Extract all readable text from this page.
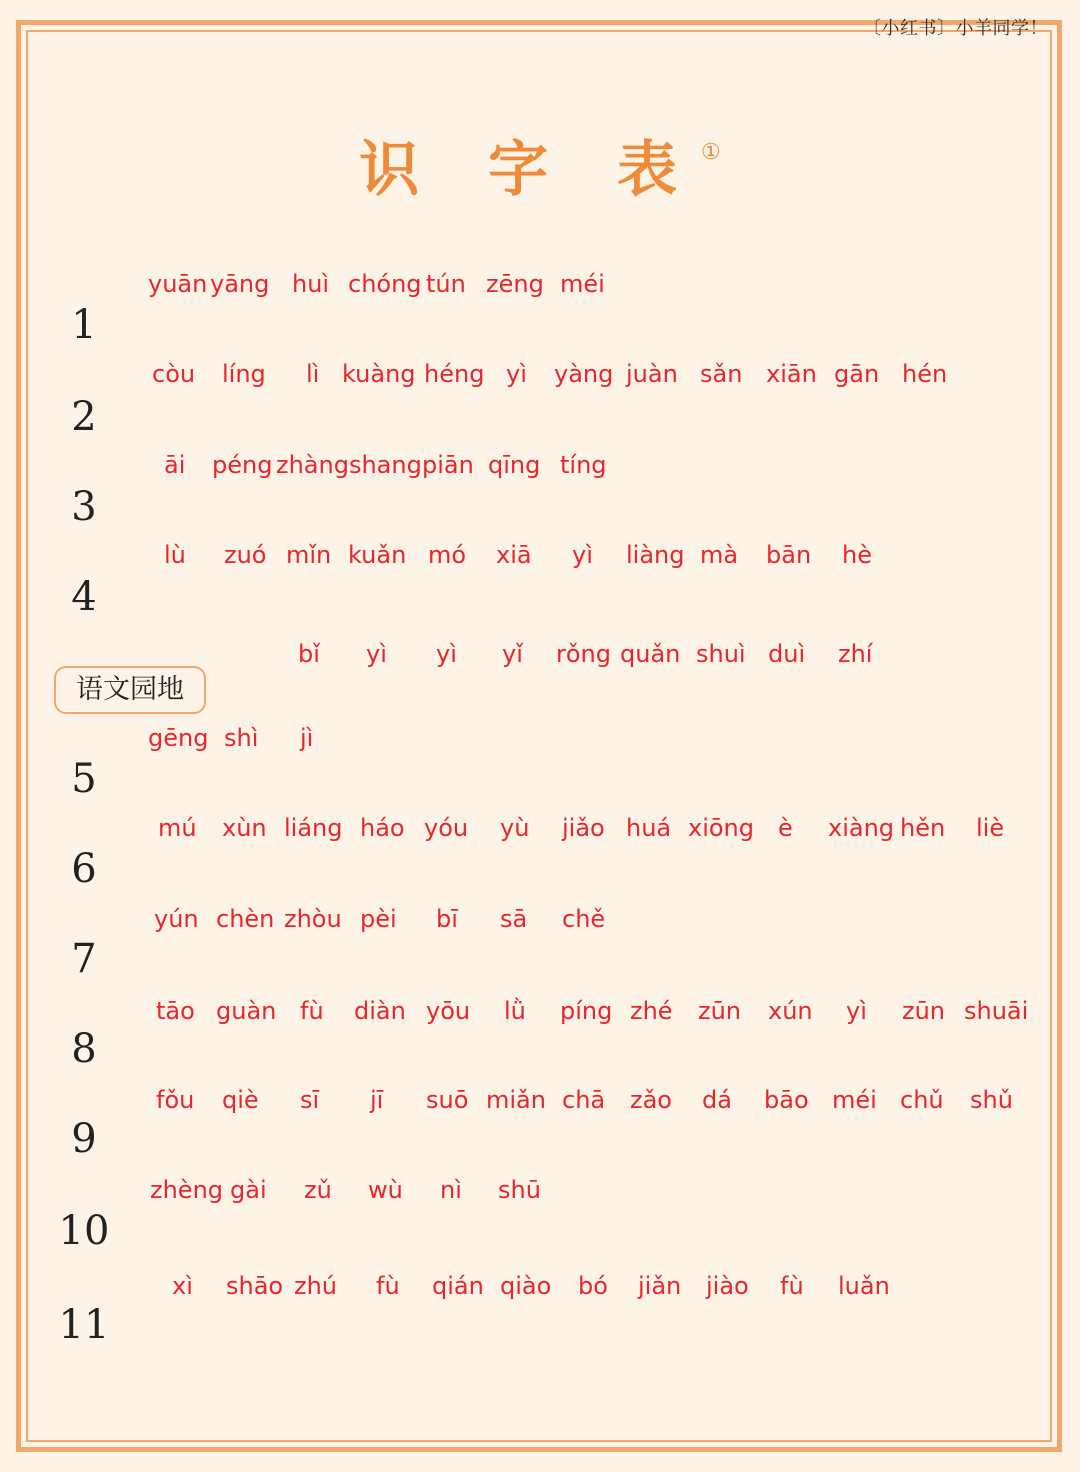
〔小红书〕小羊同学！
识 字 表①
语文园地
1
yuān yāng huì chóng tún zēng méi
2
còu líng lì kuàng héng yì yàng juàn sǎn xiān gān hén
3
āi péng zhàngshang piān qīng tíng
4
lù zuó mǐn kuǎn mó xiā yì liàng mà bān hè
bǐ yì yì yǐ rǒng quǎn shuì duì zhí
5
gēng shì jì
6
mú xùn liáng háo yóu yù jiǎo huá xiōng è xiàng hěn liè
7
yún chèn zhòu pèi bī sā chě
8
tāo guàn fù diàn yōu lǜ píng zhé zūn xún yì zūn shuāi
9
fǒu qiè sī jī suō miǎn chā zǎo dá bāo méi chǔ shǔ
10
zhèng gài zǔ wù nì shū
11
xì shāo zhú fù qián qiào bó jiǎn jiào fù luǎn
